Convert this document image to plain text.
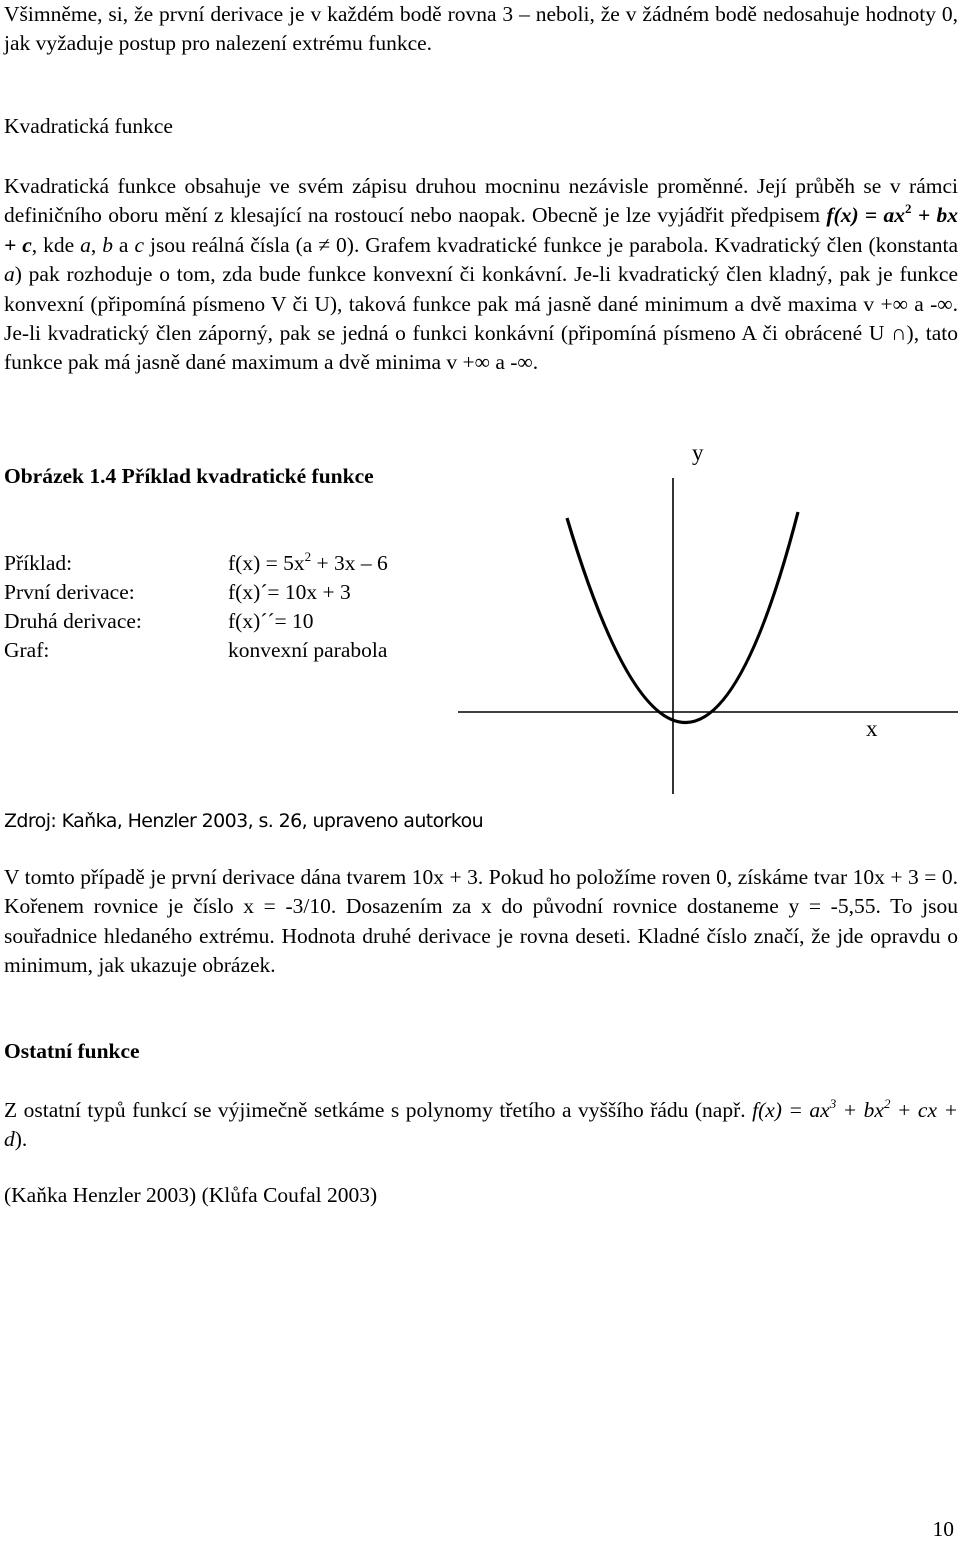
Všimněme, si, že první derivace je v každém bodě rovna 3 – neboli, že v žádném bodě nedosahuje hodnoty 0, jak vyžaduje postup pro nalezení extrému funkce.

Kvadratická funkce

Kvadratická funkce obsahuje ve svém zápisu druhou mocninu nezávisle proměnné. Její průběh se v rámci definičního oboru mění z klesající na rostoucí nebo naopak. Obecně je lze vyjádřit předpisem $f(x) = ax^2$ + bx + c, kde a, b a c jsou reálná čísla (a ≠ 0). Grafem kvadratické funkce je parabola. Kvadratický člen (konstanta a) pak rozhoduje o tom, zda bude funkce konvexní či konkávní. Je-li kvadratický člen kladný, pak je funkce konvexní (připomíná písmeno V či U), taková funkce pak má jasně dané minimum a dvě maxima v +∞ a -∞. Je-li kvadratický člen záporný, pak se jedná o funkci konkávní (připomíná písmeno A či obrácené U ∩), tato funkce pak má jasně dané maximum a dvě minima v +∞ a -∞.

Obrázek 1.4 Příklad kvadratické funkce
Příklad:	$f(x) = 5x^2 + 3x - 6$
První derivace:	f(x)´= 10x + 3
Druhá derivace:	f(x)´´= 10
Graf:	konvexní parabola
y
x
Zdroj: Kaňka, Henzler 2003, s. 26, upraveno autorkou

V tomto případě je první derivace dána tvarem 10x + 3. Pokud ho položíme roven 0, získáme tvar 10x + 3 = 0. Kořenem rovnice je číslo x = -3/10. Dosazením za x do původní rovnice dostaneme y = -5,55. To jsou souřadnice hledaného extrému. Hodnota druhé derivace je rovna deseti. Kladné číslo značí, že jde opravdu o minimum, jak ukazuje obrázek.

Ostatní funkce

Z ostatní typů funkcí se výjimečně setkáme s polynomy třetího a vyššího řádu (např. $f(x) = ax^3 + bx^2$ + cx + d).

(Kaňka Henzler 2003) (Klůfa Coufal 2003)
10
